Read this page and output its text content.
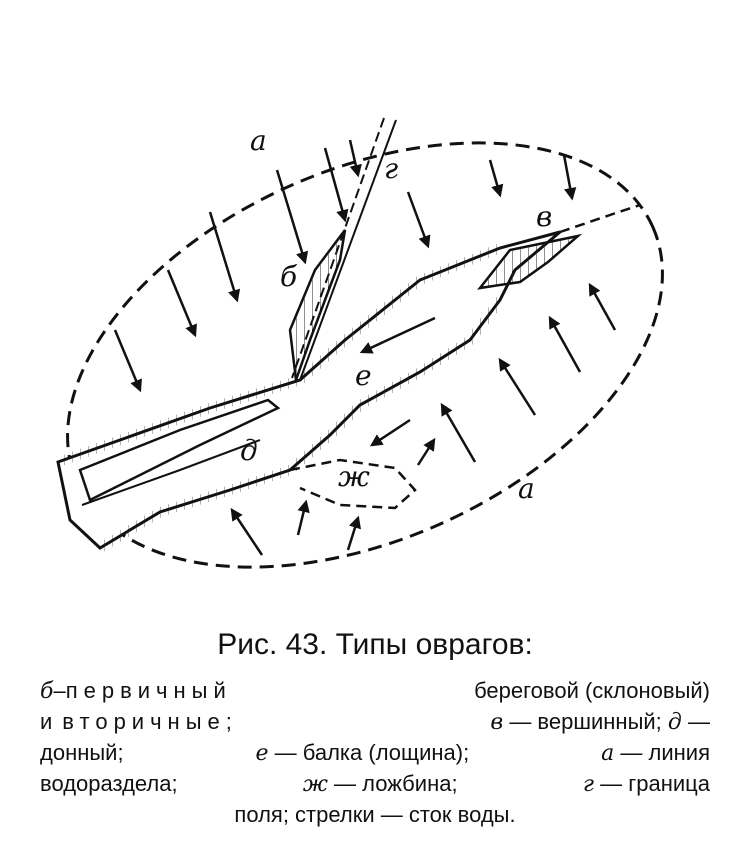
а
а
б
в
г
д
е
ж
Рис. 43. Типы оврагов:
б–первичный	береговой (склоновый)
и вторичные;	в — вершинный; д —
донный;	е — балка (лощина);	а — линия
водораздела;	ж — ложбина;	г — граница
поля; стрелки — сток воды.
